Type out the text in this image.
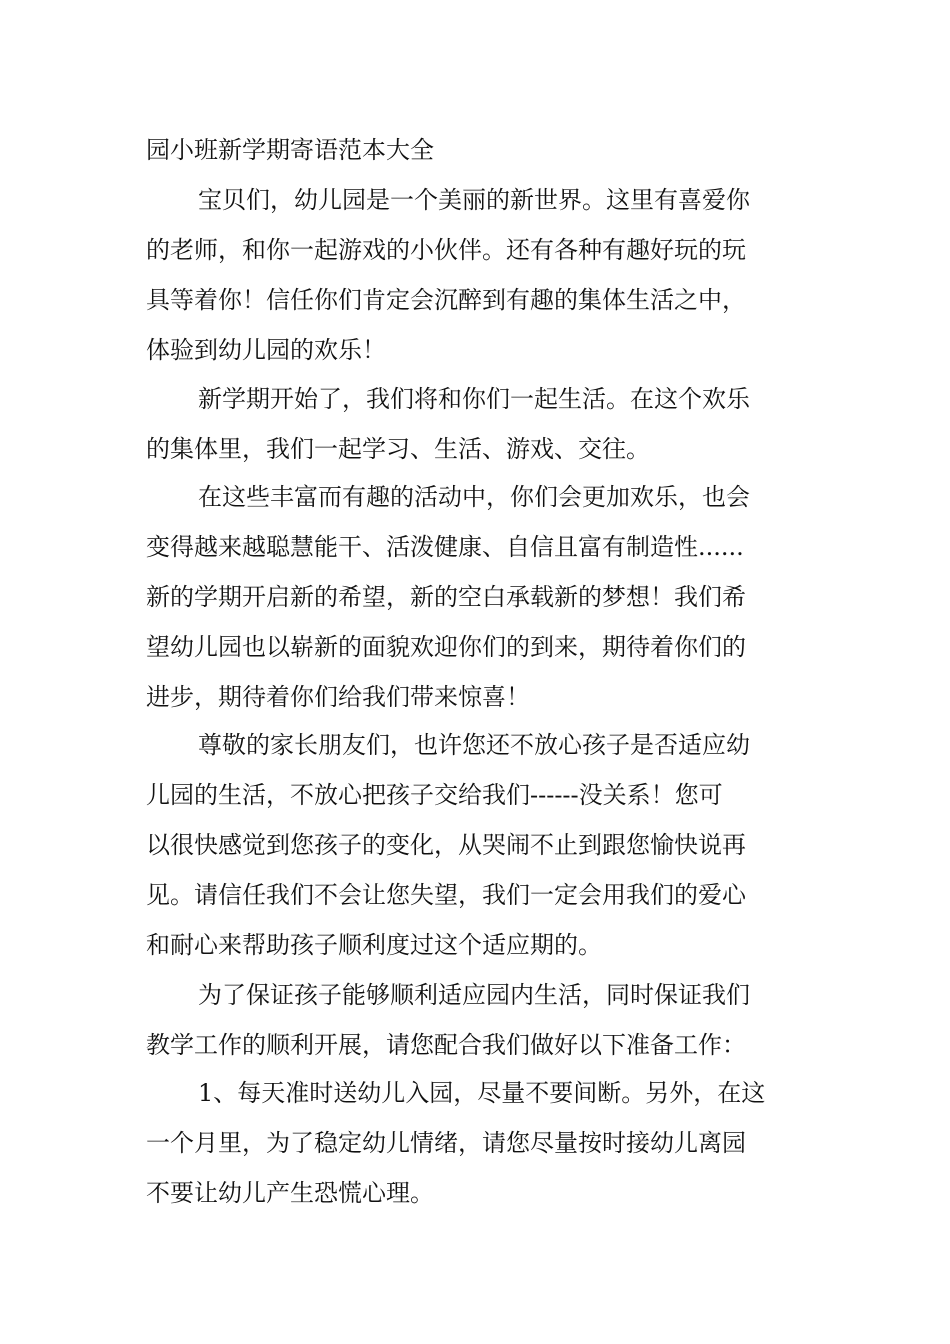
园小班新学期寄语范本大全
宝贝们，幼儿园是一个美丽的新世界。这里有喜爱你
的老师，和你一起游戏的小伙伴。还有各种有趣好玩的玩
具等着你！信任你们肯定会沉醉到有趣的集体生活之中，
体验到幼儿园的欢乐！
新学期开始了，我们将和你们一起生活。在这个欢乐
的集体里，我们一起学习、生活、游戏、交往。
在这些丰富而有趣的活动中，你们会更加欢乐，也会
变得越来越聪慧能干、活泼健康、自信且富有制造性......
新的学期开启新的希望，新的空白承载新的梦想！我们希
望幼儿园也以崭新的面貌欢迎你们的到来，期待着你们的
进步，期待着你们给我们带来惊喜！
尊敬的家长朋友们，也许您还不放心孩子是否适应幼
儿园的生活，不放心把孩子交给我们------没关系！您可
以很快感觉到您孩子的变化，从哭闹不止到跟您愉快说再
见。请信任我们不会让您失望，我们一定会用我们的爱心
和耐心来帮助孩子顺利度过这个适应期的。
为了保证孩子能够顺利适应园内生活，同时保证我们
教学工作的顺利开展，请您配合我们做好以下准备工作：
1、每天准时送幼儿入园，尽量不要间断。另外，在这
一个月里，为了稳定幼儿情绪，请您尽量按时接幼儿离园
不要让幼儿产生恐慌心理。
